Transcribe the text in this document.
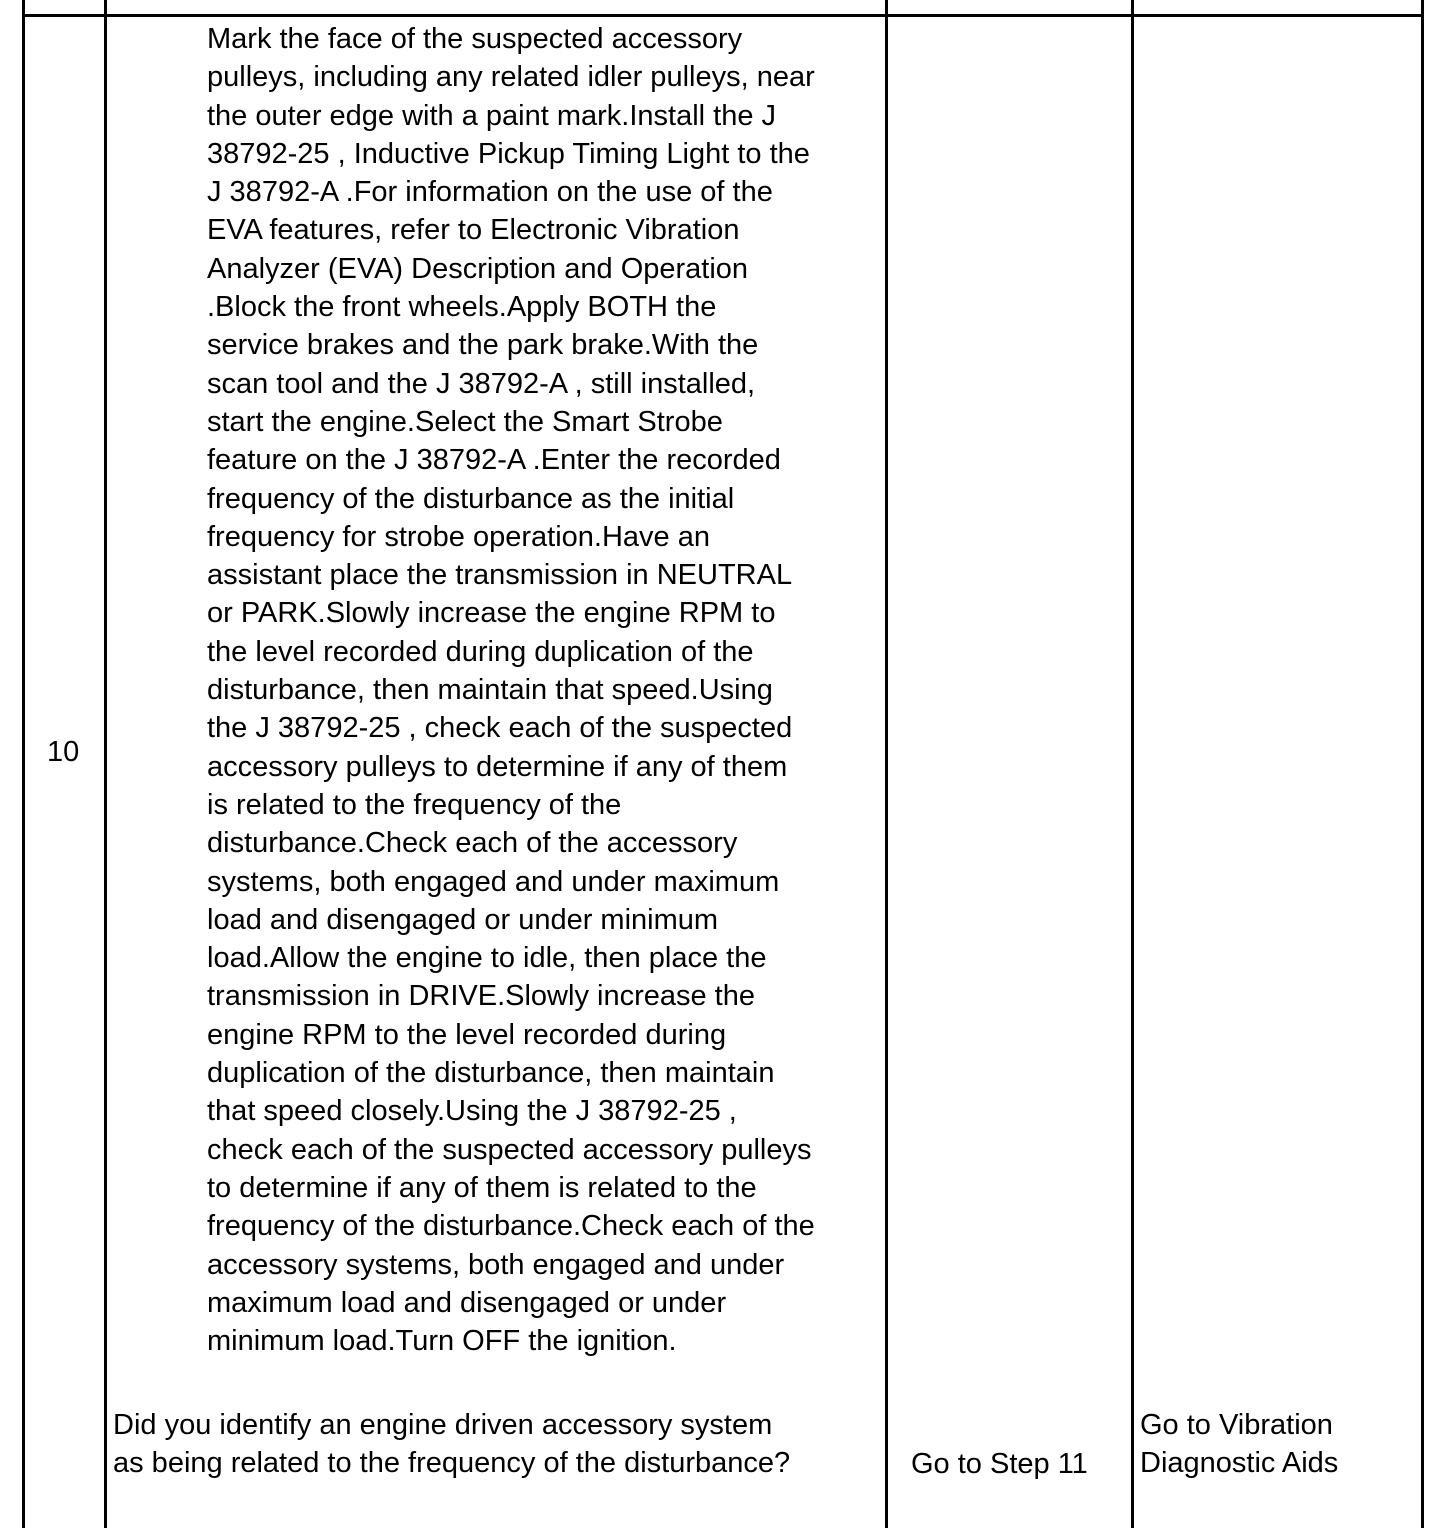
10
Mark the face of the suspected accessory
pulleys, including any related idler pulleys, near
the outer edge with a paint mark.Install the J
38792-25 , Inductive Pickup Timing Light to the
J 38792-A .For information on the use of the
EVA features, refer to Electronic Vibration
Analyzer (EVA) Description and Operation
.Block the front wheels.Apply BOTH the
service brakes and the park brake.With the
scan tool and the J 38792-A , still installed,
start the engine.Select the Smart Strobe
feature on the J 38792-A .Enter the recorded
frequency of the disturbance as the initial
frequency for strobe operation.Have an
assistant place the transmission in NEUTRAL
or PARK.Slowly increase the engine RPM to
the level recorded during duplication of the
disturbance, then maintain that speed.Using
the J 38792-25 , check each of the suspected
accessory pulleys to determine if any of them
is related to the frequency of the
disturbance.Check each of the accessory
systems, both engaged and under maximum
load and disengaged or under minimum
load.Allow the engine to idle, then place the
transmission in DRIVE.Slowly increase the
engine RPM to the level recorded during
duplication of the disturbance, then maintain
that speed closely.Using the J 38792-25 ,
check each of the suspected accessory pulleys
to determine if any of them is related to the
frequency of the disturbance.Check each of the
accessory systems, both engaged and under
maximum load and disengaged or under
minimum load.Turn OFF the ignition.
Did you identify an engine driven accessory system
as being related to the frequency of the disturbance?	Go to Step 11
Go to Vibration
Diagnostic Aids
